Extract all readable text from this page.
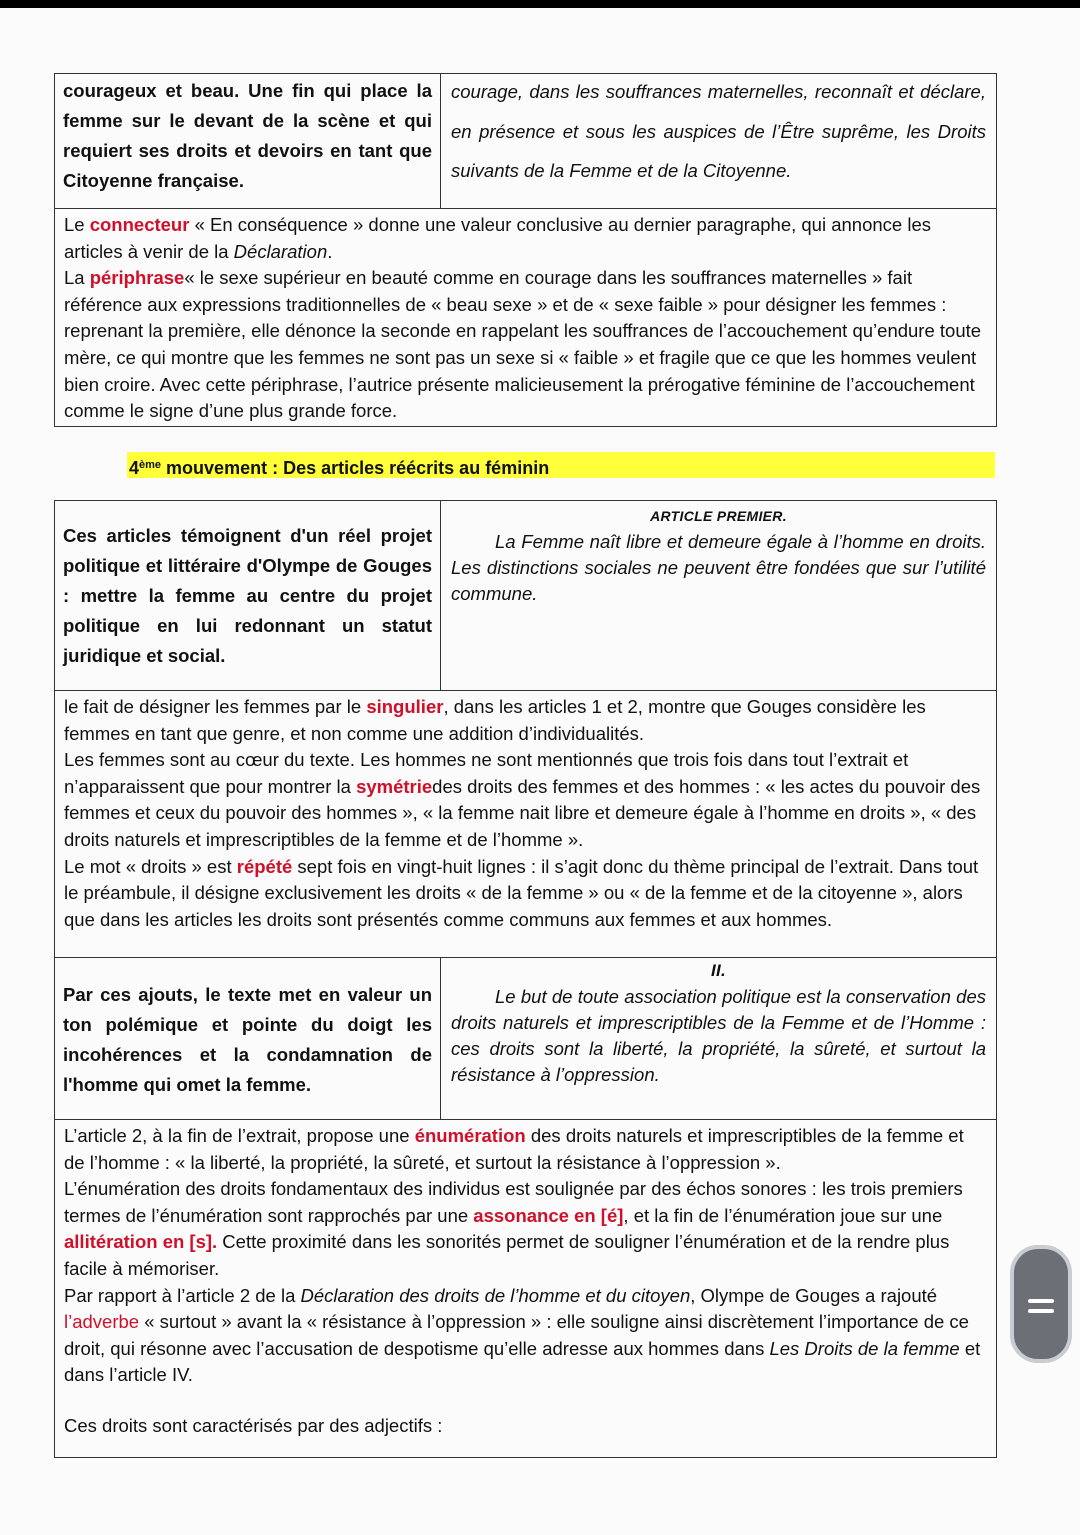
courageux et beau. Une fin qui place la femme sur le devant de la scène et qui requiert ses droits et devoirs en tant que Citoyenne française.
courage, dans les souffrances maternelles, reconnaît et déclare, en présence et sous les auspices de l’Être suprême, les Droits suivants de la Femme et de la Citoyenne.

Le connecteur « En conséquence » donne une valeur conclusive au dernier paragraphe, qui annonce les articles à venir de la Déclaration.

La périphrase« le sexe supérieur en beauté comme en courage dans les souffrances maternelles » fait référence aux expressions traditionnelles de « beau sexe » et de « sexe faible » pour désigner les femmes : reprenant la première, elle dénonce la seconde en rappelant les souffrances de l’accouchement qu’endure toute mère, ce qui montre que les femmes ne sont pas un sexe si « faible » et fragile que ce que les hommes veulent bien croire. Avec cette périphrase, l’autrice présente malicieusement la prérogative féminine de l’accouchement comme le signe d’une plus grande force.

4ème mouvement : Des articles réécrits au féminin
Ces articles témoignent d'un réel projet politique et littéraire d'Olympe de Gouges : mettre la femme au centre du projet politique en lui redonnant un statut juridique et social.
ARTICLE PREMIER.
La Femme naît libre et demeure égale à l’homme en droits. Les distinctions sociales ne peuvent être fondées que sur l’utilité commune.

le fait de désigner les femmes par le singulier, dans les articles 1 et 2, montre que Gouges considère les femmes en tant que genre, et non comme une addition d’individualités.

Les femmes sont au cœur du texte. Les hommes ne sont mentionnés que trois fois dans tout l’extrait et n’apparaissent que pour montrer la symétriedes droits des femmes et des hommes : « les actes du pouvoir des femmes et ceux du pouvoir des hommes », « la femme nait libre et demeure égale à l’homme en droits », « des droits naturels et imprescriptibles de la femme et de l’homme ».

Le mot « droits » est répété sept fois en vingt-huit lignes : il s’agit donc du thème principal de l’extrait. Dans tout le préambule, il désigne exclusivement les droits « de la femme » ou « de la femme et de la citoyenne », alors que dans les articles les droits sont présentés comme communs aux femmes et aux hommes.

Par ces ajouts, le texte met en valeur un ton polémique et pointe du doigt les incohérences et la condamnation de l'homme qui omet la femme.
II.
Le but de toute association politique est la conservation des droits naturels et imprescriptibles de la Femme et de l’Homme : ces droits sont la liberté, la propriété, la sûreté, et surtout la résistance à l’oppression.

L’article 2, à la fin de l’extrait, propose une énumération des droits naturels et imprescriptibles de la femme et de l’homme : « la liberté, la propriété, la sûreté, et surtout la résistance à l’oppression ».

L’énumération des droits fondamentaux des individus est soulignée par des échos sonores : les trois premiers termes de l’énumération sont rapprochés par une assonance en [é], et la fin de l’énumération joue sur une allitération en [s]. Cette proximité dans les sonorités permet de souligner l’énumération et de la rendre plus facile à mémoriser.

Par rapport à l’article 2 de la Déclaration des droits de l’homme et du citoyen, Olympe de Gouges a rajouté l’adverbe « surtout » avant la « résistance à l’oppression » : elle souligne ainsi discrètement l’importance de ce droit, qui résonne avec l’accusation de despotisme qu’elle adresse aux hommes dans Les Droits de la femme et dans l’article IV.

Ces droits sont caractérisés par des adjectifs :
